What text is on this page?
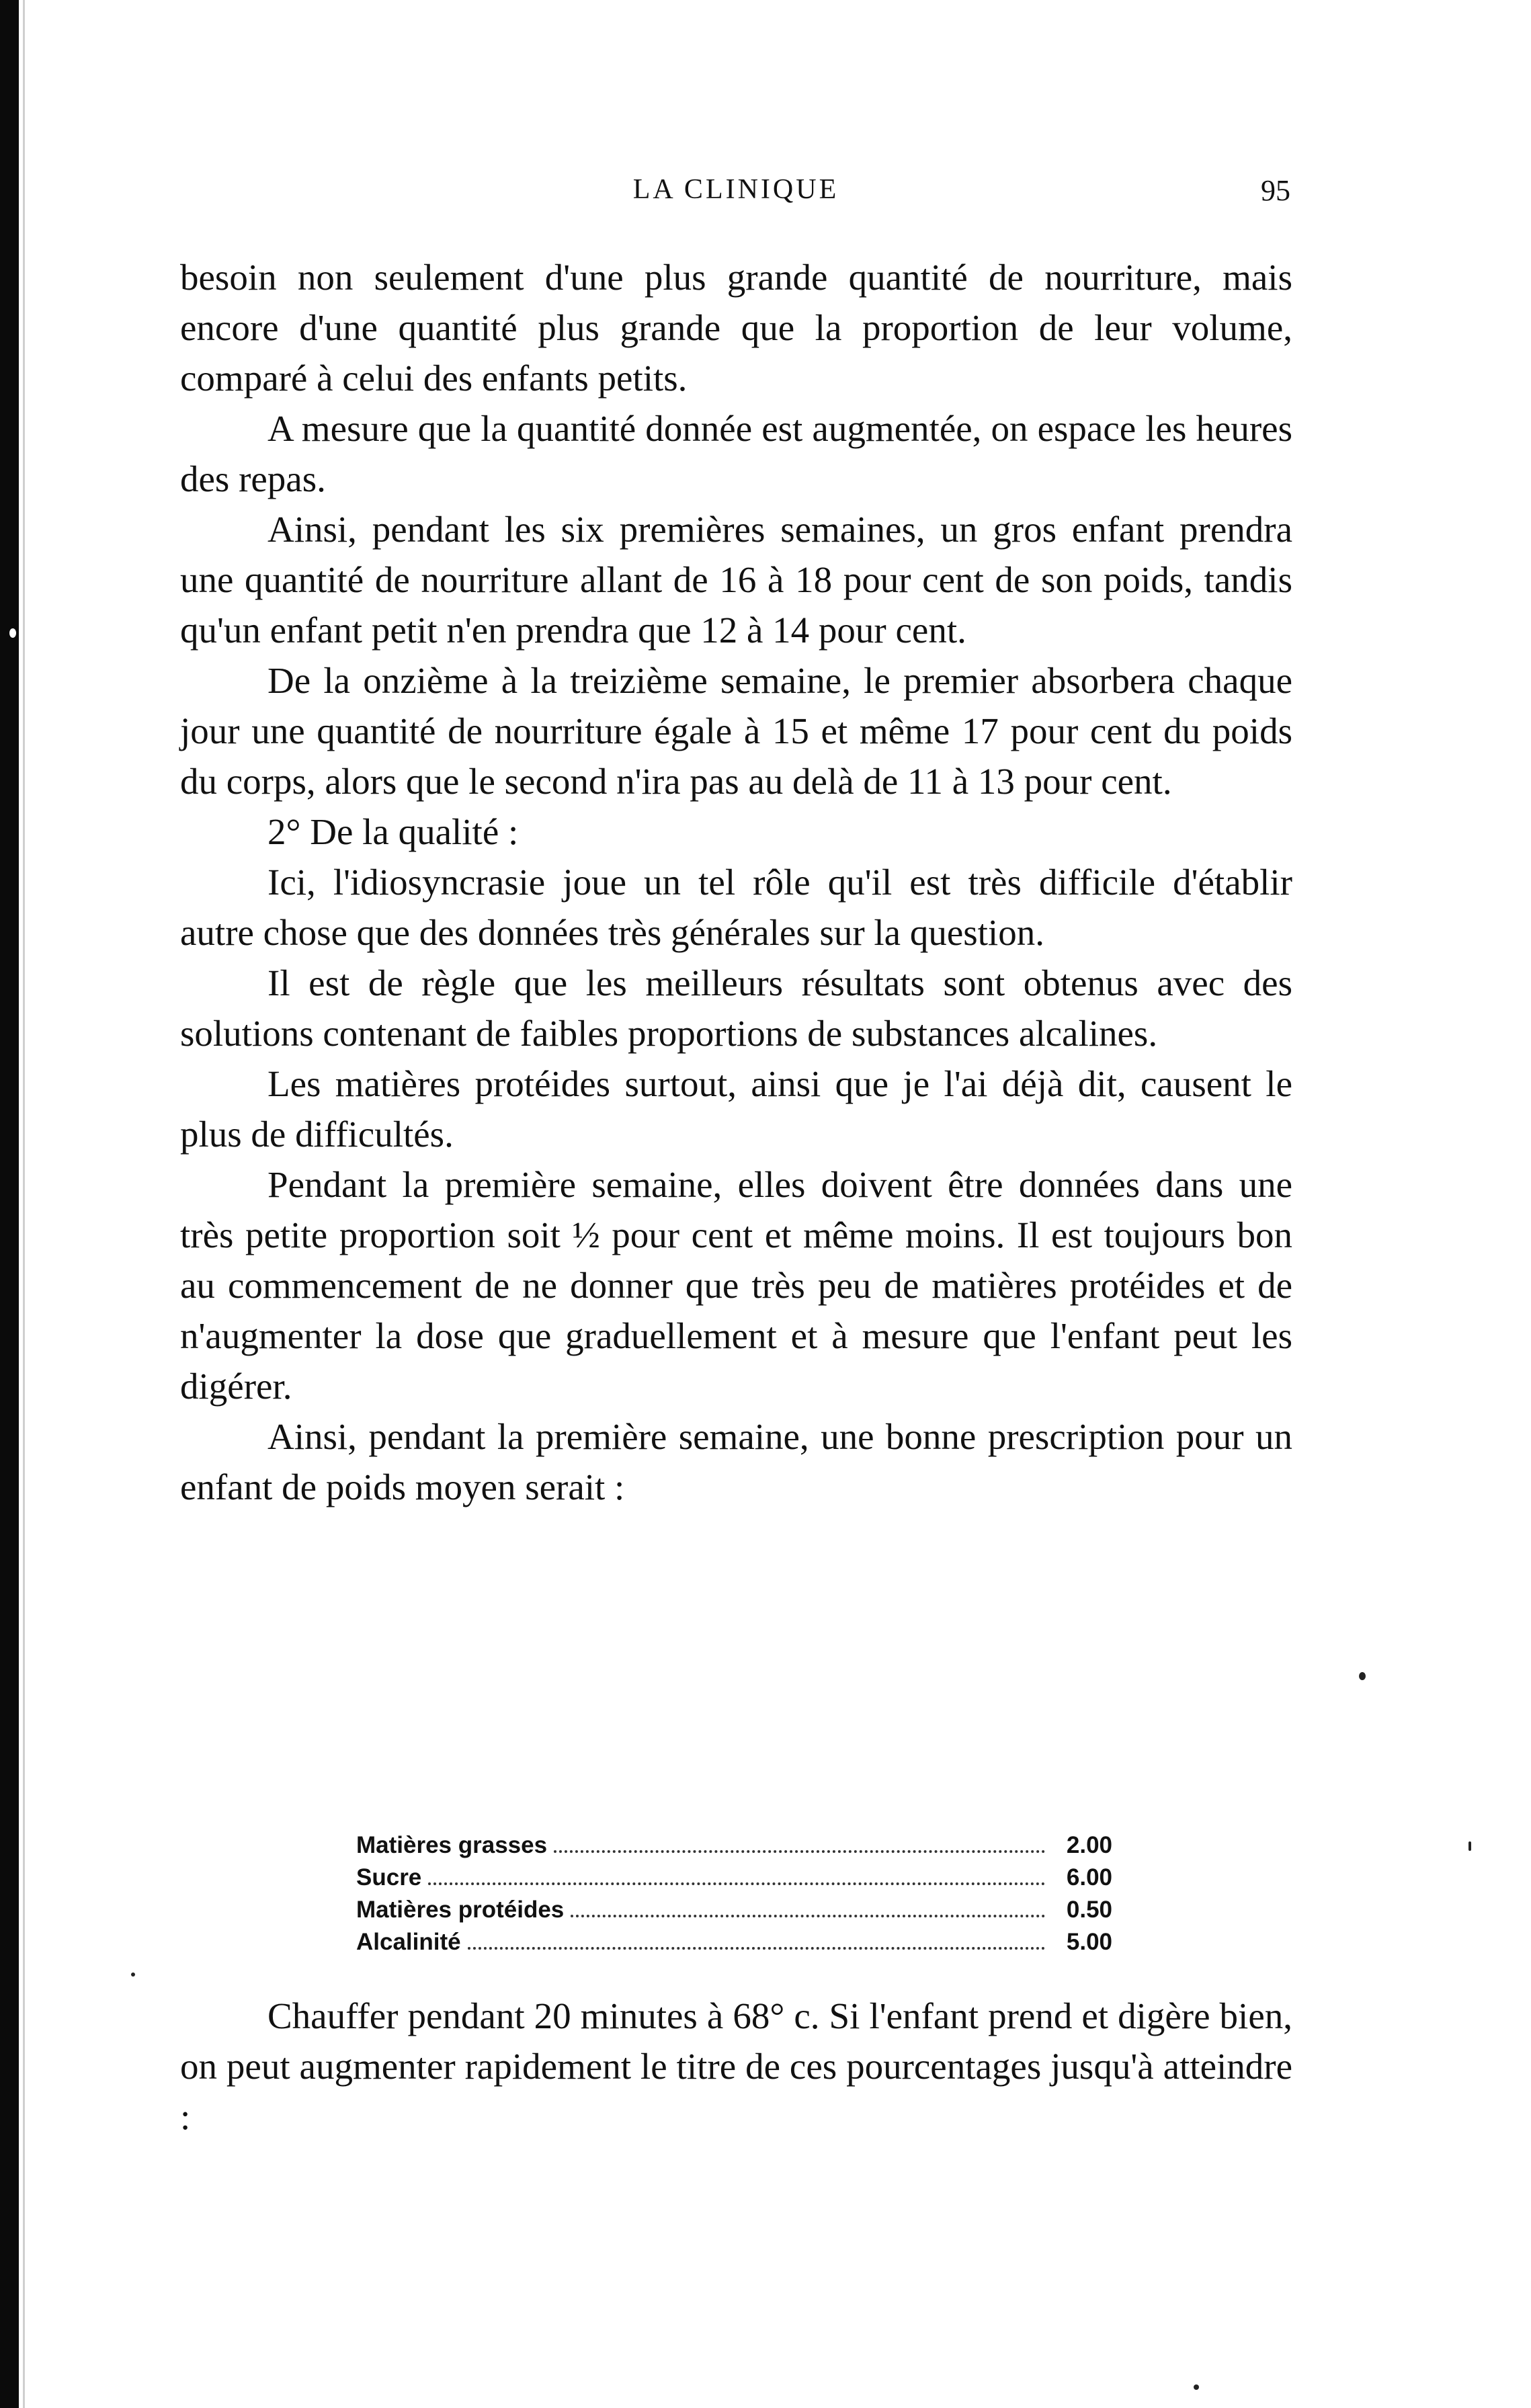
LA CLINIQUE	95

besoin non seulement d'une plus grande quantité de nourriture, mais encore d'une quantité plus grande que la proportion de leur volume, comparé à celui des enfants petits.

A mesure que la quantité donnée est augmentée, on espace les heures des repas.

Ainsi, pendant les six premières semaines, un gros enfant prendra une quantité de nourriture allant de 16 à 18 pour cent de son poids, tandis qu'un enfant petit n'en prendra que 12 à 14 pour cent.

De la onzième à la treizième semaine, le premier absorbera chaque jour une quantité de nourriture égale à 15 et même 17 pour cent du poids du corps, alors que le second n'ira pas au delà de 11 à 13 pour cent.

2° De la qualité :

Ici, l'idiosyncrasie joue un tel rôle qu'il est très difficile d'établir autre chose que des données très générales sur la question.

Il est de règle que les meilleurs résultats sont obtenus avec des solutions contenant de faibles proportions de substances alcalines.

Les matières protéides surtout, ainsi que je l'ai déjà dit, causent le plus de difficultés.

Pendant la première semaine, elles doivent être données dans une très petite proportion soit ½ pour cent et même moins. Il est toujours bon au commencement de ne donner que très peu de matières protéides et de n'augmenter la dose que graduellement et à mesure que l'enfant peut les digérer.

Ainsi, pendant la première semaine, une bonne prescription pour un enfant de poids moyen serait :

Matières grasses	2.00
Sucre	6.00
Matières protéides	0.50
Alcalinité	5.00

Chauffer pendant 20 minutes à 68° c. Si l'enfant prend et digère bien, on peut augmenter rapidement le titre de ces pourcentages jusqu'à atteindre :
